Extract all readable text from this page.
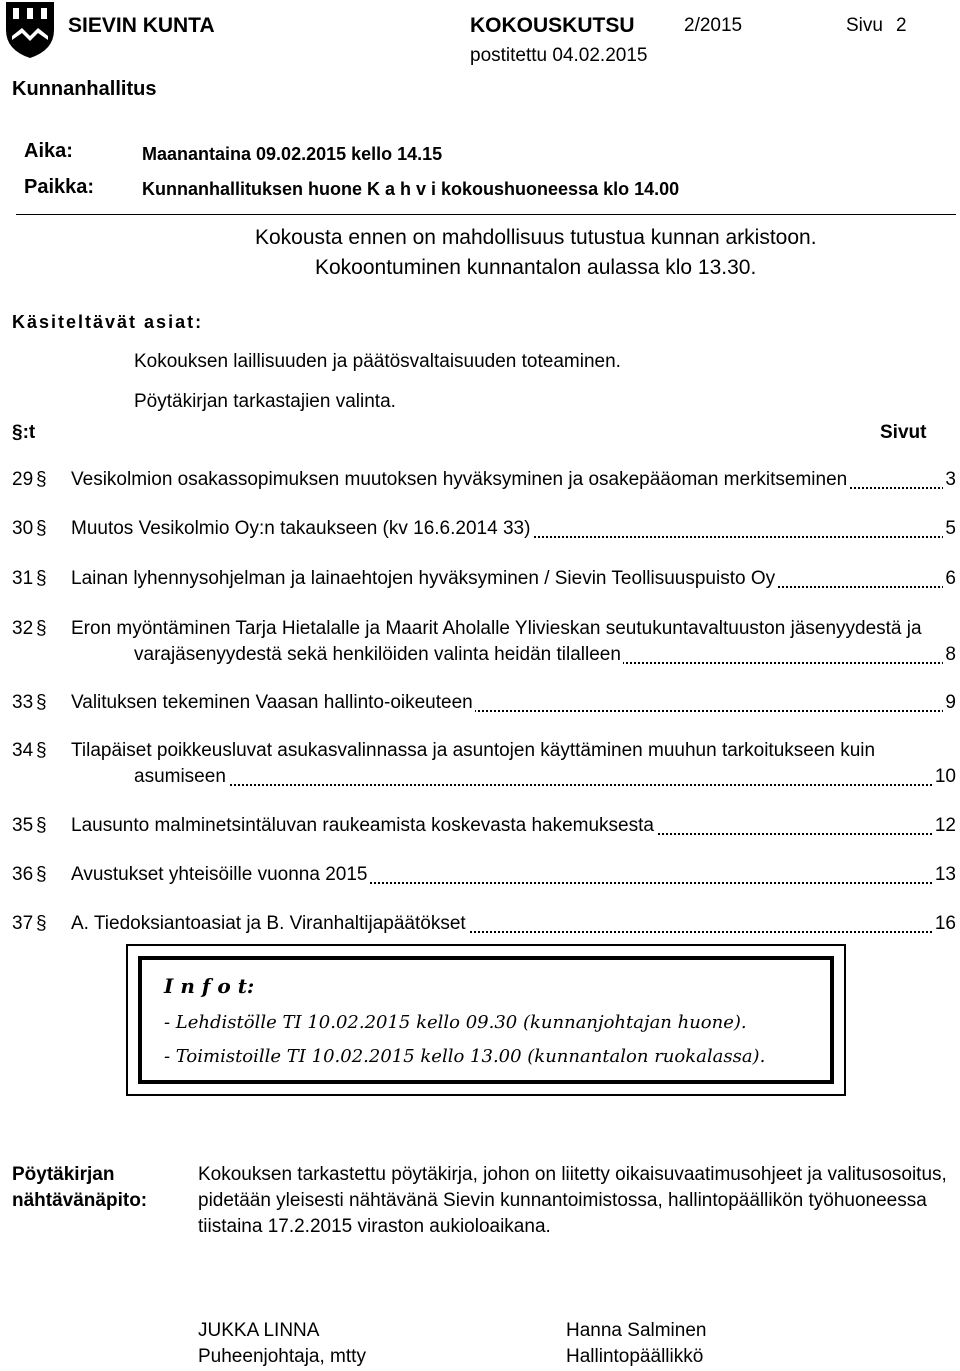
SIEVIN KUNTA	KOKOUSKUTSU	2/2015	Sivu 2
postitettu 04.02.2015
Kunnanhallitus
Aika:	Maanantaina 09.02.2015 kello 14.15
Paikka:	Kunnanhallituksen huone K a h v i kokoushuoneessa klo 14.00
Kokousta ennen on mahdollisuus tutustua kunnan arkistoon.
Kokoontuminen kunnantalon aulassa klo 13.30.
Käsiteltävät asiat:
Kokouksen laillisuuden ja päätösvaltaisuuden toteaminen.
Pöytäkirjan tarkastajien valinta.
§:t	Sivut
29 § Vesikolmion osakassopimuksen muutoksen hyväksyminen ja osakepääoman merkitseminen	3
30 § Muutos Vesikolmio Oy:n takaukseen (kv 16.6.2014 33)	5
31 § Lainan lyhennysohjelman ja lainaehtojen hyväksyminen / Sievin Teollisuuspuisto Oy	6
32 § Eron myöntäminen Tarja Hietalalle ja Maarit Aholalle Ylivieskan seutukuntavaltuuston jäsenyydestä ja
varajäsenyydestä sekä henkilöiden valinta heidän tilalleen	8
33 § Valituksen tekeminen Vaasan hallinto-oikeuteen	9
34 § Tilapäiset poikkeusluvat asukasvalinnassa ja asuntojen käyttäminen muuhun tarkoitukseen kuin
asumiseen	10
35 § Lausunto malminetsintäluvan raukeamista koskevasta hakemuksesta	12
36 § Avustukset yhteisöille vuonna 2015	13
37 § A. Tiedoksiantoasiat ja B. Viranhaltijapäätökset	16
I n f o t:
- Lehdistölle TI 10.02.2015 kello 09.30 (kunnanjohtajan huone).
- Toimistoille TI 10.02.2015 kello 13.00 (kunnantalon ruokalassa).
Pöytäkirjan
nähtävänäpito:
Kokouksen tarkastettu pöytäkirja, johon on liitetty oikaisuvaatimusohjeet ja valitusosoitus,
pidetään yleisesti nähtävänä Sievin kunnantoimistossa, hallintopäällikön työhuoneessa
tiistaina 17.2.2015 viraston aukioloaikana.
JUKKA LINNA
Puheenjohtaja, mtty
Hanna Salminen
Hallintopäällikkö
